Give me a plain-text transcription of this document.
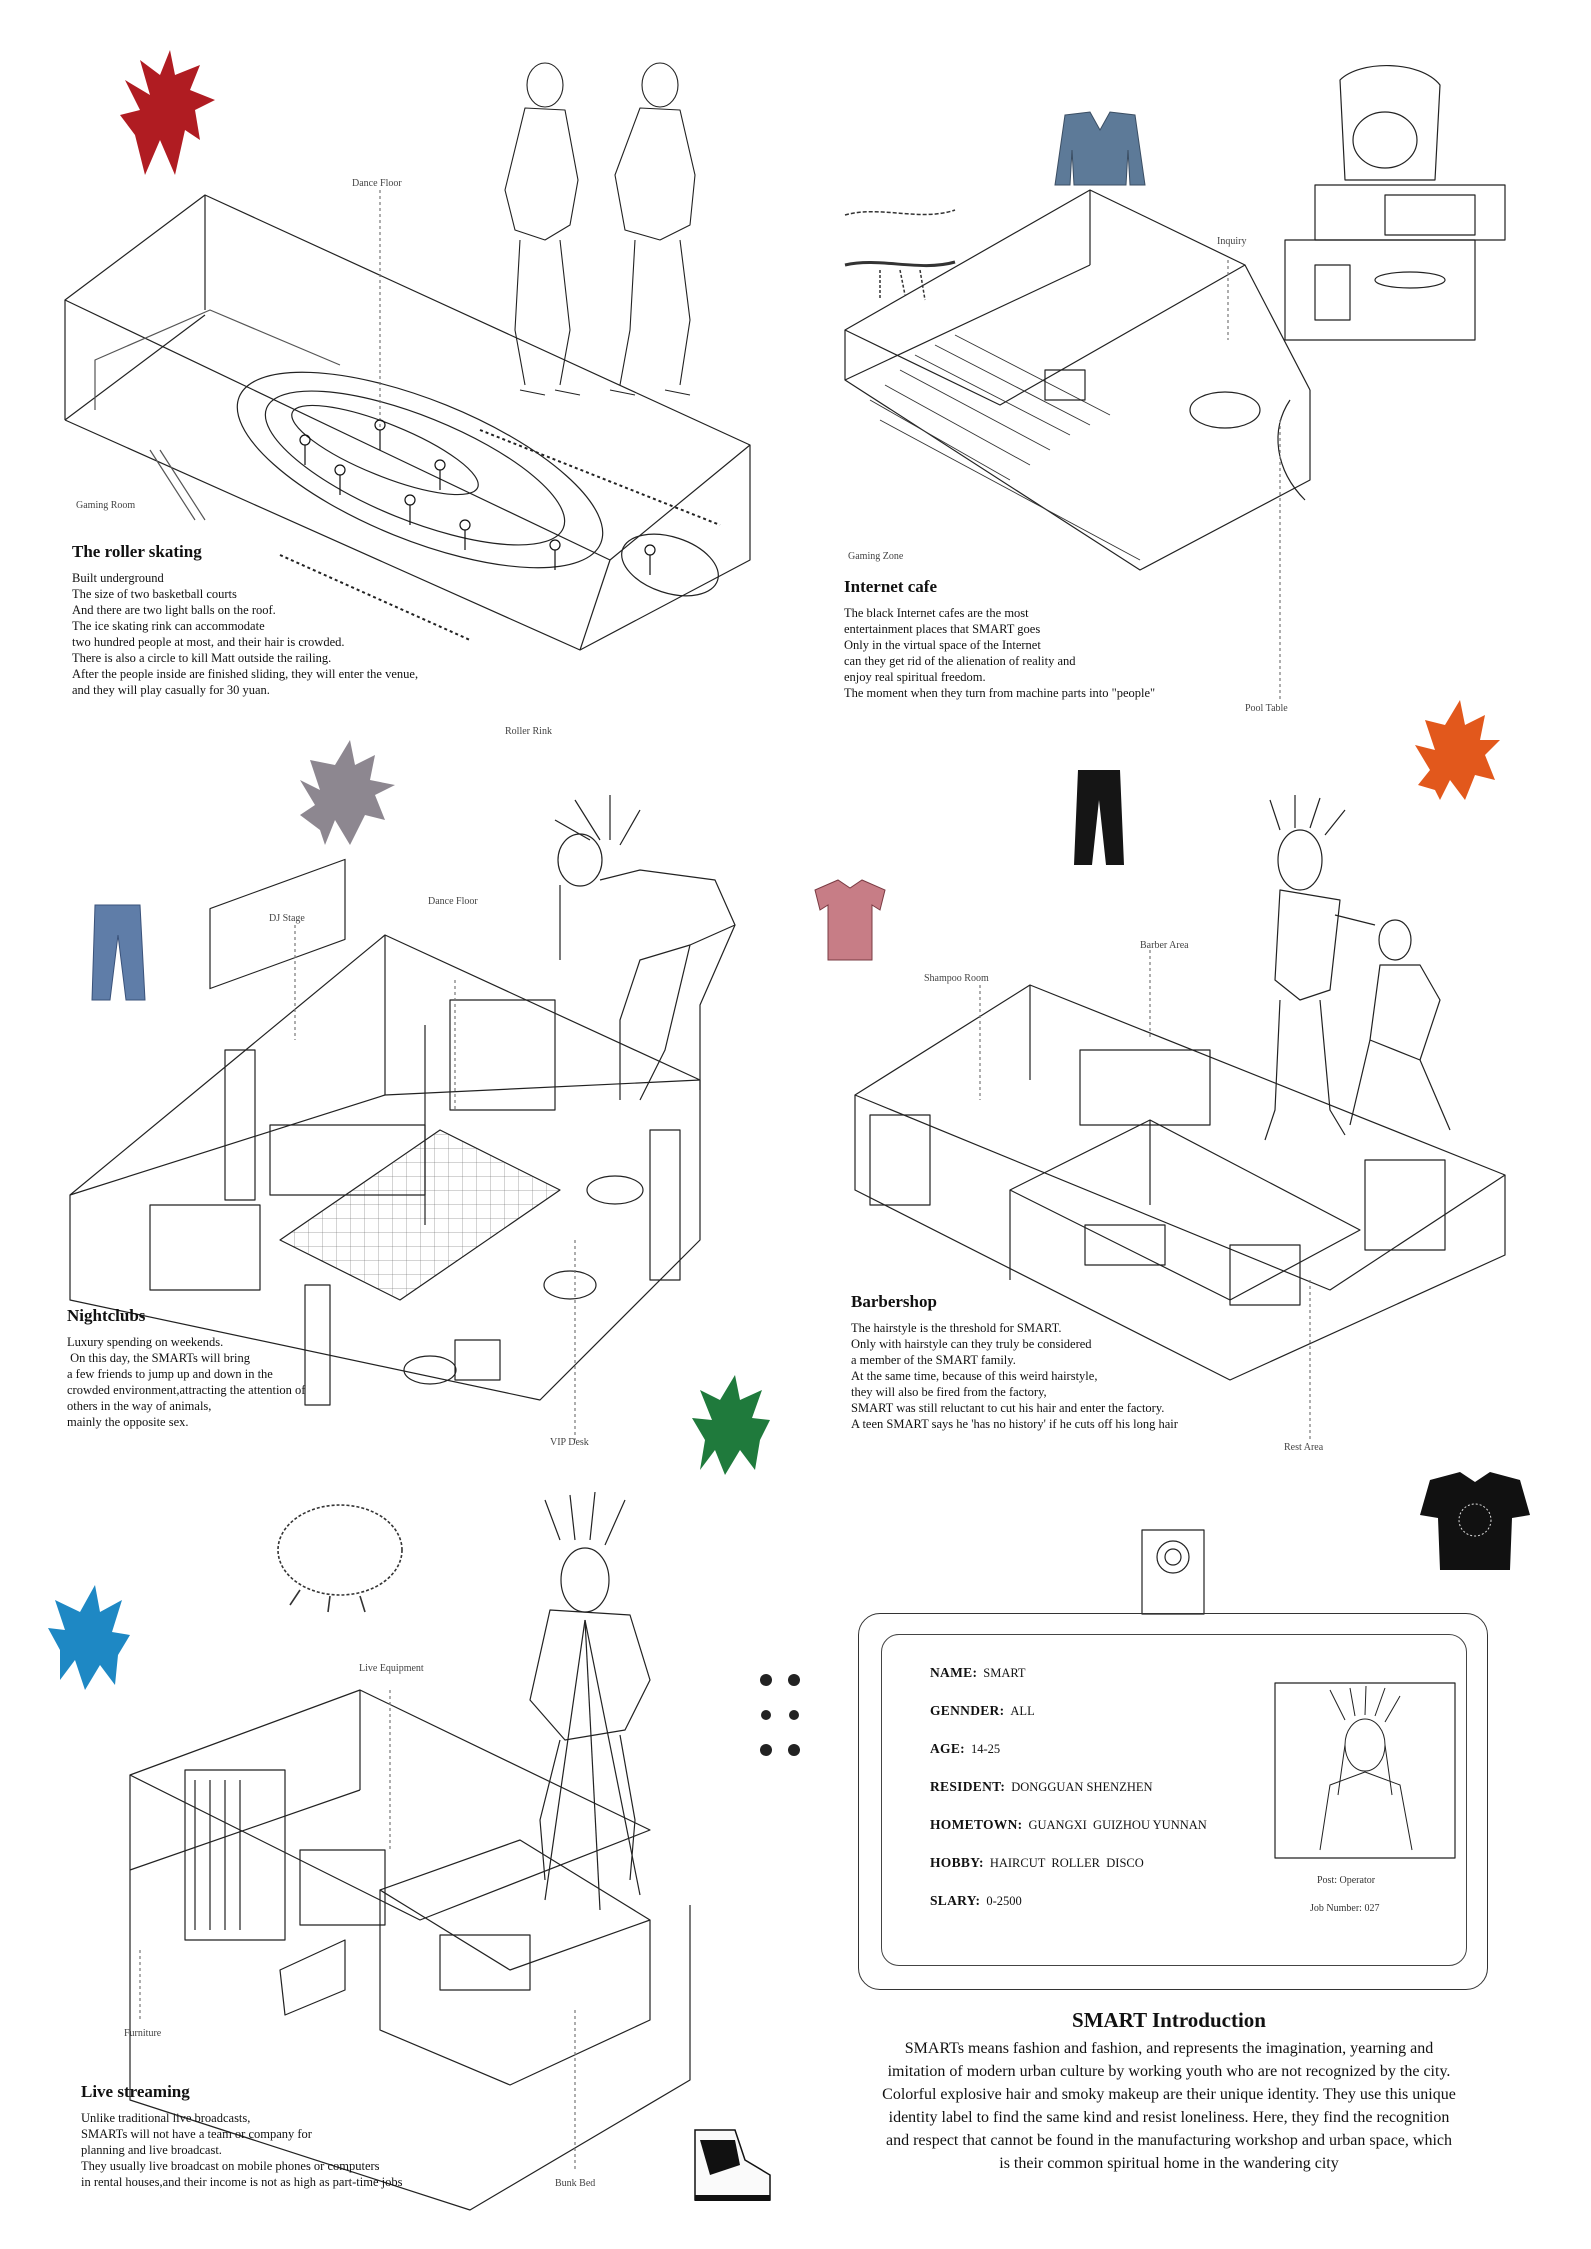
Dance Floor
Gaming Room
Roller Rink
Inquiry
Gaming Zone
Pool Table
DJ Stage
Dance Floor
VIP Desk
Shampoo Room
Barber Area
Rest Area
Live Equipment
Furniture
Bunk Bed
The roller skating

Built underground

The size of two basketball courts

And there are two light balls on the roof.

The ice skating rink can accommodate

two hundred people at most, and their hair is crowded.

There is also a circle to kill Matt outside the railing.

After the people inside are finished sliding, they will enter the venue,

and they will play casually for 30 yuan.

Internet cafe

The black Internet cafes are the most

entertainment places that SMART goes

Only in the virtual space of the Internet

can they get rid of the alienation of reality and

enjoy real spiritual freedom.

The moment when they turn from machine parts into "people"

Nightclubs

Luxury spending on weekends.

On this day, the SMARTs will bring

a few friends to jump up and down in the

crowded environment,attracting the attention of

others in the way of animals,

mainly the opposite sex.

Barbershop

The hairstyle is the threshold for SMART.

Only with hairstyle can they truly be considered

a member of the SMART family.

At the same time, because of this weird hairstyle,

they will also be fired from the factory,

SMART was still reluctant to cut his hair and enter the factory.

A teen SMART says he 'has no history' if he cuts off his long hair

Live streaming

Unlike traditional live broadcasts,

SMARTs will not have a team or company for

planning and live broadcast.

They usually live broadcast on mobile phones or computers

in rental houses,and their income is not as high as part-time jobs

NAME: SMART
GENNDER: ALL
AGE: 14-25
RESIDENT: DONGGUAN SHENZHEN
HOMETOWN: GUANGXI  GUIZHOU YUNNAN
HOBBY: HAIRCUT  ROLLER  DISCO
SLARY: 0-2500
Post: Operator
Job Number: 027
SMART Introduction

SMARTs means fashion and fashion, and represents the imagination, yearning and

imitation of modern urban culture by working youth who are not recognized by the city.

Colorful explosive hair and smoky makeup are their unique identity. They use this unique

identity label to find the same kind and resist loneliness. Here, they find the recognition

and respect that cannot be found in the manufacturing workshop and urban space, which

is their common spiritual home in the wandering city
